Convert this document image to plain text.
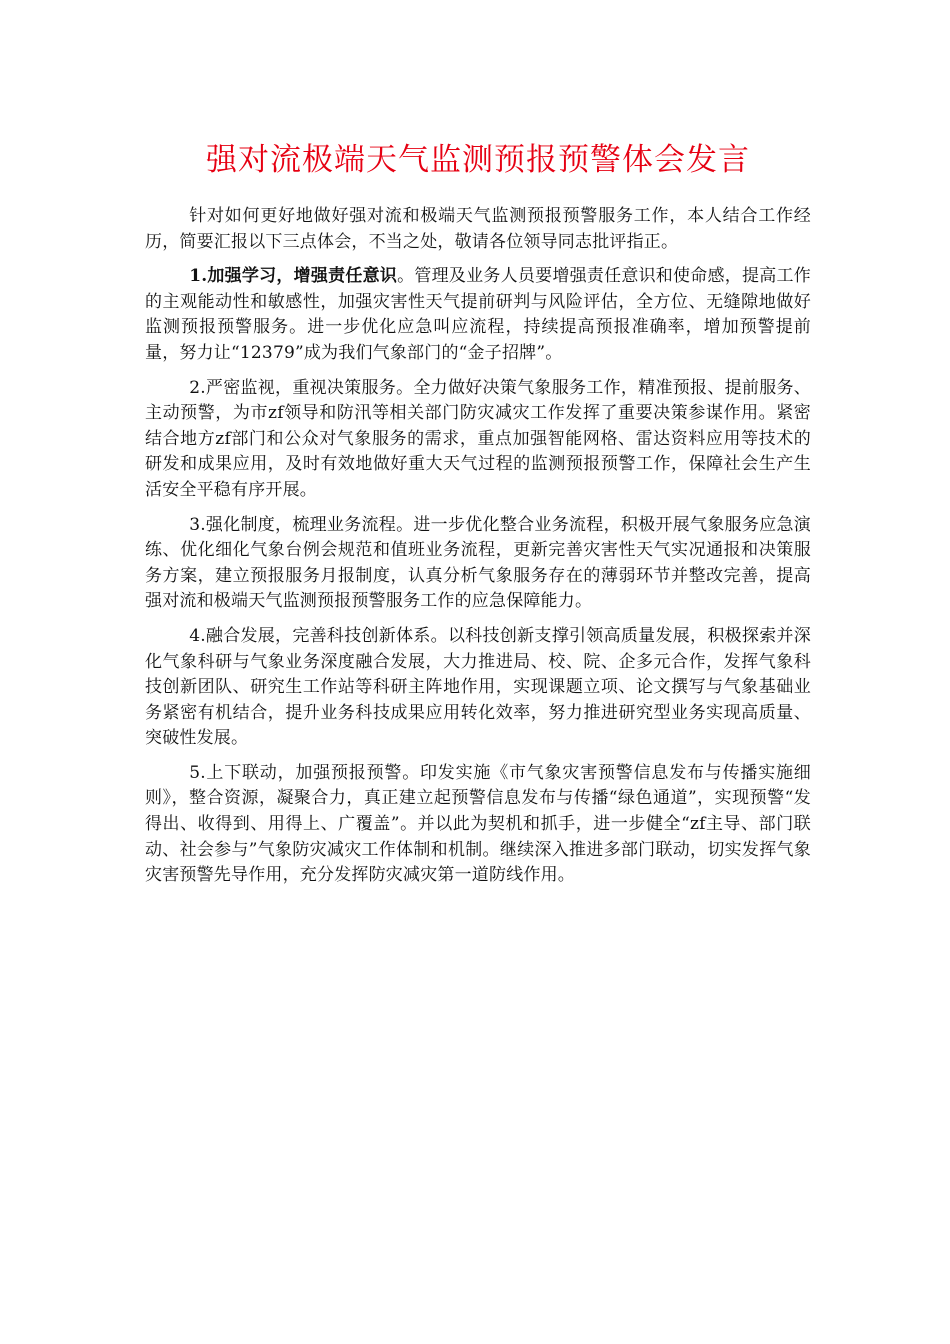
强对流极端天气监测预报预警体会发言

针对如何更好地做好强对流和极端天气监测预报预警服务工作，本人结合工作经历，简要汇报以下三点体会，不当之处，敬请各位领导同志批评指正。

1.加强学习，增强责任意识。管理及业务人员要增强责任意识和使命感，提高工作的主观能动性和敏感性，加强灾害性天气提前研判与风险评估，全方位、无缝隙地做好监测预报预警服务。进一步优化应急叫应流程，持续提高预报准确率，增加预警提前量，努力让“12379”成为我们气象部门的“金子招牌”。

2.严密监视，重视决策服务。全力做好决策气象服务工作，精准预报、提前服务、主动预警，为市zf领导和防汛等相关部门防灾减灾工作发挥了重要决策参谋作用。紧密结合地方zf部门和公众对气象服务的需求，重点加强智能网格、雷达资料应用等技术的研发和成果应用，及时有效地做好重大天气过程的监测预报预警工作，保障社会生产生活安全平稳有序开展。

3.强化制度，梳理业务流程。进一步优化整合业务流程，积极开展气象服务应急演练、优化细化气象台例会规范和值班业务流程，更新完善灾害性天气实况通报和决策服务方案，建立预报服务月报制度，认真分析气象服务存在的薄弱环节并整改完善，提高强对流和极端天气监测预报预警服务工作的应急保障能力。

4.融合发展，完善科技创新体系。以科技创新支撑引领高质量发展，积极探索并深化气象科研与气象业务深度融合发展，大力推进局、校、院、企多元合作，发挥气象科技创新团队、研究生工作站等科研主阵地作用，实现课题立项、论文撰写与气象基础业务紧密有机结合，提升业务科技成果应用转化效率，努力推进研究型业务实现高质量、突破性发展。

5.上下联动，加强预报预警。印发实施《市气象灾害预警信息发布与传播实施细则》，整合资源，凝聚合力，真正建立起预警信息发布与传播“绿色通道”，实现预警“发得出、收得到、用得上、广覆盖”。并以此为契机和抓手，进一步健全“zf主导、部门联动、社会参与”气象防灾减灾工作体制和机制。继续深入推进多部门联动，切实发挥气象灾害预警先导作用，充分发挥防灾减灾第一道防线作用。
